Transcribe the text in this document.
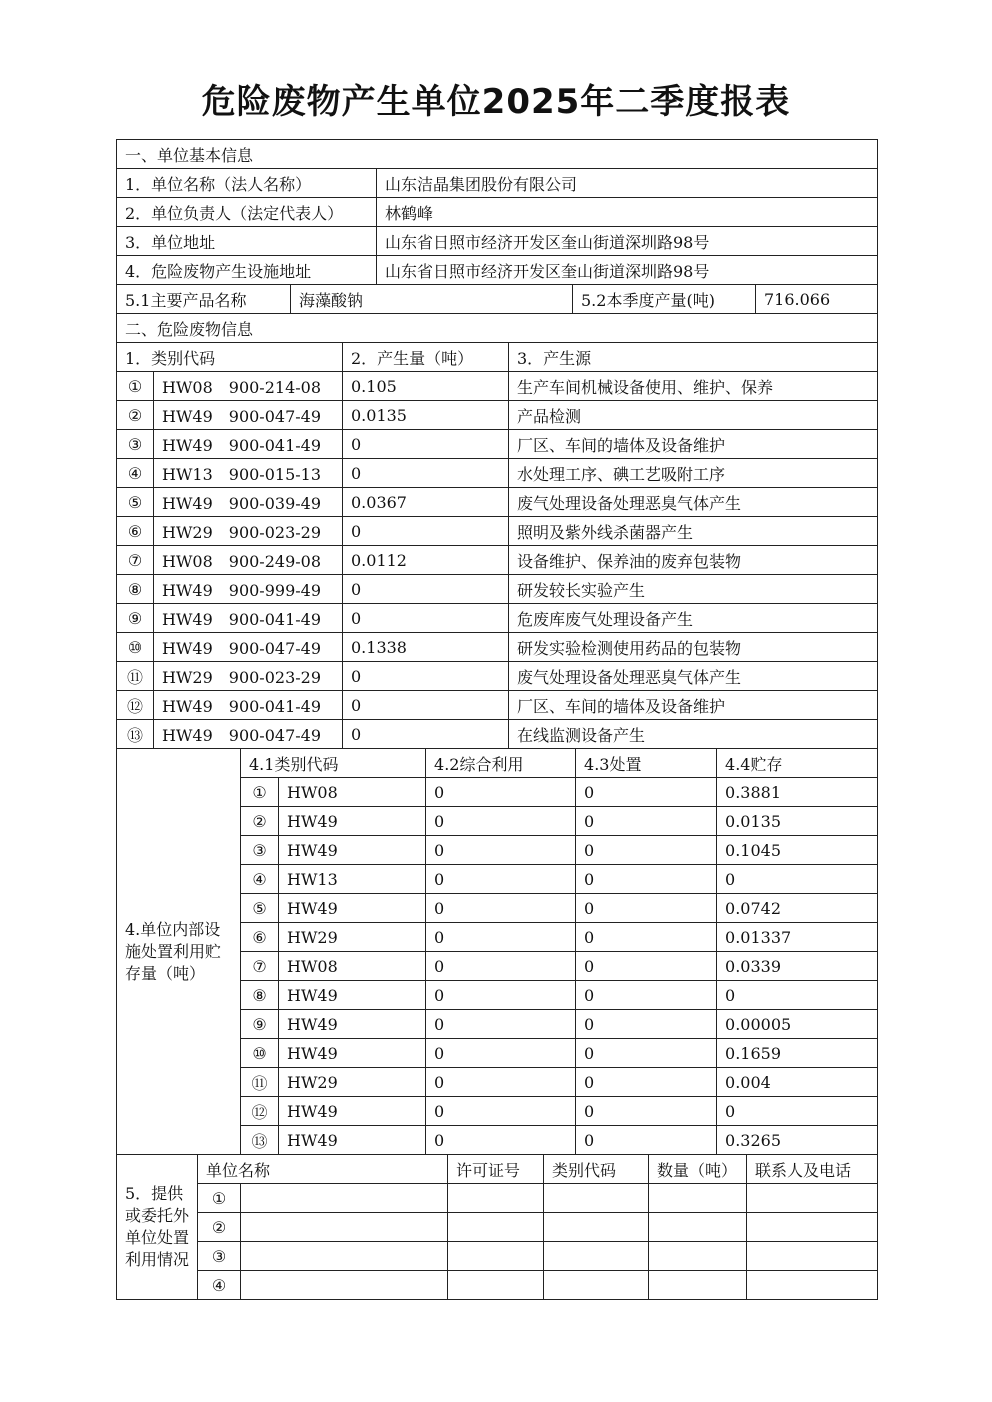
危险废物产生单位2025年二季度报表
一、单位基本信息				
1．单位名称（法人名称）		山东洁晶集团股份有限公司		
2．单位负责人（法定代表人）		林鹤峰		
3．单位地址		山东省日照市经济开发区奎山街道深圳路98号		
4．危险废物产生设施地址		山东省日照市经济开发区奎山街道深圳路98号		
5.1主要产品名称	海藻酸钠		5.2本季度产量(吨)	716.066
二、危险废物信息				
1．类别代码		2．产生量（吨）	3．产生源
①	HW08　900-214-08	0.105	生产车间机械设备使用、维护、保养
②	HW49　900-047-49	0.0135	产品检测
③	HW49　900-041-49	0	厂区、车间的墙体及设备维护
④	HW13　900-015-13	0	水处理工序、碘工艺吸附工序
⑤	HW49　900-039-49	0.0367	废气处理设备处理恶臭气体产生
⑥	HW29　900-023-29	0	照明及紫外线杀菌器产生
⑦	HW08　900-249-08	0.0112	设备维护、保养油的废弃包装物
⑧	HW49　900-999-49	0	研发较长实验产生
⑨	HW49　900-041-49	0	危废库废气处理设备产生
⑩	HW49　900-047-49	0.1338	研发实验检测使用药品的包装物
⑪	HW29　900-023-29	0	废气处理设备处理恶臭气体产生
⑫	HW49　900-041-49	0	厂区、车间的墙体及设备维护
⑬	HW49　900-047-49	0	在线监测设备产生
4.单位内部设施处置利用贮存量（吨）	4.1类别代码		4.2综合利用	4.3处置	4.4贮存
	①	HW08	0	0	0.3881
	②	HW49	0	0	0.0135
	③	HW49	0	0	0.1045
	④	HW13	0	0	0
	⑤	HW49	0	0	0.0742
	⑥	HW29	0	0	0.01337
	⑦	HW08	0	0	0.0339
	⑧	HW49	0	0	0
	⑨	HW49	0	0	0.00005
	⑩	HW49	0	0	0.1659
	⑪	HW29	0	0	0.004
	⑫	HW49	0	0	0
	⑬	HW49	0	0	0.3265
5．提供或委托外单位处置利用情况	单位名称		许可证号	类别代码	数量（吨）	联系人及电话
	①					
	②					
	③					
	④					
